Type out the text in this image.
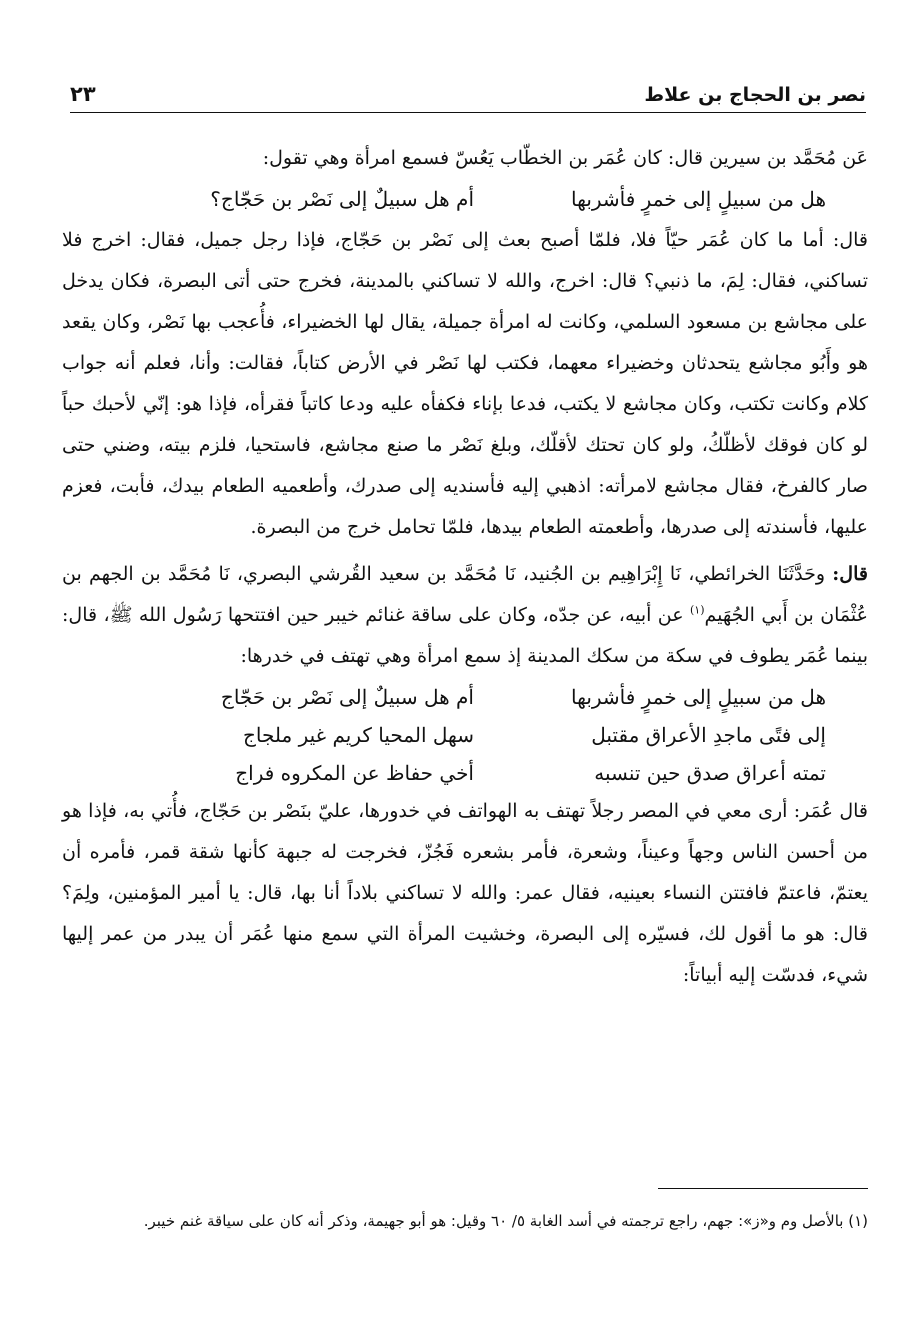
نصر بن الحجاج بن علاط
٢٣

عَن مُحَمَّد بن سيرين قال: كان عُمَر بن الخطّاب يَعُسّ فسمع امرأة وهي تقول:

هل من سبيلٍ إلى خمرٍ فأشربها
أم هل سبيلٌ إلى نَصْر بن حَجّاج؟

قال: أما ما كان عُمَر حيّاً فلا، فلمّا أصبح بعث إلى نَصْر بن حَجّاج، فإذا رجل جميل، فقال: اخرج فلا تساكني، فقال: لِمَ، ما ذنبي؟ قال: اخرج، والله لا تساكني بالمدينة، فخرج حتى أتى البصرة، فكان يدخل على مجاشع بن مسعود السلمي، وكانت له امرأة جميلة، يقال لها الخضيراء، فأُعجب بها نَصْر، وكان يقعد هو وأَبُو مجاشع يتحدثان وخضيراء معهما، فكتب لها نَصْر في الأرض كتاباً، فقالت: وأنا، فعلم أنه جواب كلام وكانت تكتب، وكان مجاشع لا يكتب، فدعا بإناء فكفأه عليه ودعا كاتباً فقرأه، فإذا هو: إنّي لأحبك حباً لو كان فوقك لأظلّكُ، ولو كان تحتك لأقلّك، وبلغ نَصْر ما صنع مجاشع، فاستحيا، فلزم بيته، وضني حتى صار كالفرخ، فقال مجاشع لامرأته: اذهبي إليه فأسنديه إلى صدرك، وأطعميه الطعام بيدك، فأبت، فعزم عليها، فأسندته إلى صدرها، وأطعمته الطعام بيدها، فلمّا تحامل خرج من البصرة.

قال: وحَدَّثَنَا الخرائطي، نَا إِبْرَاهِيم بن الجُنيد، نَا مُحَمَّد بن سعيد القُرشي البصري، نَا مُحَمَّد بن الجهم بن عُثْمَان بن أَبي الجُهَيم$^{(١)}$ عن أبيه، عن جدّه، وكان على ساقة غنائم خيبر حين افتتحها رَسُول الله ﷺ، قال: بينما عُمَر يطوف في سكة من سكك المدينة إذ سمع امرأة وهي تهتف في خدرها:

هل من سبيلٍ إلى خمرٍ فأشربها
أم هل سبيلٌ إلى نَصْر بن حَجّاج
إلى فتًى ماجدِ الأعراق مقتبل
سهل المحيا كريم غير ملجاج
تمته أعراق صدق حين تنسبه
أخي حفاظ عن المكروه فراج

قال عُمَر: أرى معي في المصر رجلاً تهتف به الهواتف في خدورها، عليّ بنَصْر بن حَجّاج، فأُتي به، فإذا هو من أحسن الناس وجهاً وعيناً، وشعرة، فأمر بشعره فَجُزّ، فخرجت له جبهة كأنها شقة قمر، فأمره أن يعتمّ، فاعتمّ فافتتن النساء بعينيه، فقال عمر: والله لا تساكني بلاداً أنا بها، قال: يا أمير المؤمنين، ولِمَ؟ قال: هو ما أقول لك، فسيّره إلى البصرة، وخشيت المرأة التي سمع منها عُمَر أن يبدر من عمر إليها شيء، فدسّت إليه أبياتاً:

(١) بالأصل وم و«ز»: جهم، راجع ترجمته في أسد الغابة ٥/ ٦٠ وقيل: هو أبو جهيمة، وذكر أنه كان على سياقة غنم خيبر.
